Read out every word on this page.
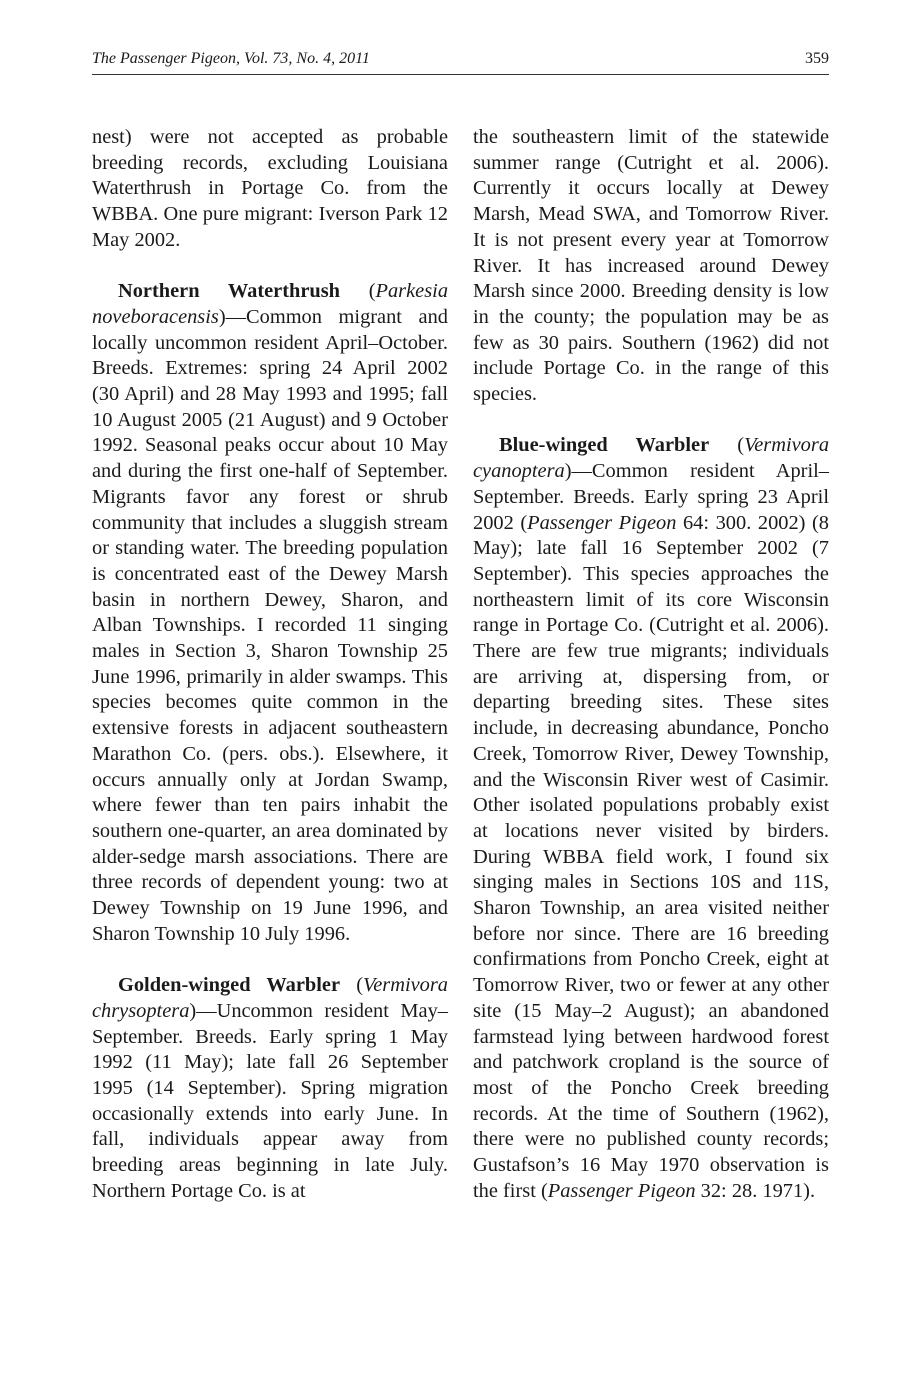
The Passenger Pigeon, Vol. 73, No. 4, 2011	359

nest) were not accepted as probable breeding records, excluding Louisiana Waterthrush in Portage Co. from the WBBA. One pure migrant: Iverson Park 12 May 2002.

Northern Waterthrush (Parkesia noveboracensis)—Common migrant and locally uncommon resident April–October. Breeds. Extremes: spring 24 April 2002 (30 April) and 28 May 1993 and 1995; fall 10 August 2005 (21 August) and 9 October 1992. Seasonal peaks occur about 10 May and during the first one-half of September. Migrants favor any forest or shrub community that includes a sluggish stream or standing water. The breeding population is concentrated east of the Dewey Marsh basin in northern Dewey, Sharon, and Alban Townships. I recorded 11 singing males in Section 3, Sharon Township 25 June 1996, primarily in alder swamps. This species becomes quite common in the extensive forests in adjacent southeastern Marathon Co. (pers. obs.). Elsewhere, it occurs annually only at Jordan Swamp, where fewer than ten pairs inhabit the southern one-quarter, an area dominated by alder-sedge marsh associations. There are three records of dependent young: two at Dewey Township on 19 June 1996, and Sharon Township 10 July 1996.

Golden-winged Warbler (Vermivora chrysoptera)—Uncommon resident May–September. Breeds. Early spring 1 May 1992 (11 May); late fall 26 September 1995 (14 September). Spring migration occasionally extends into early June. In fall, individuals appear away from breeding areas beginning in late July. Northern Portage Co. is at

the southeastern limit of the statewide summer range (Cutright et al. 2006). Currently it occurs locally at Dewey Marsh, Mead SWA, and Tomorrow River. It is not present every year at Tomorrow River. It has increased around Dewey Marsh since 2000. Breeding density is low in the county; the population may be as few as 30 pairs. Southern (1962) did not include Portage Co. in the range of this species.

Blue-winged Warbler (Vermivora cyanoptera)—Common resident April–September. Breeds. Early spring 23 April 2002 (Passenger Pigeon 64: 300. 2002) (8 May); late fall 16 September 2002 (7 September). This species approaches the northeastern limit of its core Wisconsin range in Portage Co. (Cutright et al. 2006). There are few true migrants; individuals are arriving at, dispersing from, or departing breeding sites. These sites include, in decreasing abundance, Poncho Creek, Tomorrow River, Dewey Township, and the Wisconsin River west of Casimir. Other isolated populations probably exist at locations never visited by birders. During WBBA field work, I found six singing males in Sections 10S and 11S, Sharon Township, an area visited neither before nor since. There are 16 breeding confirmations from Poncho Creek, eight at Tomorrow River, two or fewer at any other site (15 May–2 August); an abandoned farmstead lying between hardwood forest and patchwork cropland is the source of most of the Poncho Creek breeding records. At the time of Southern (1962), there were no published county records; Gustafson’s 16 May 1970 observation is the first (Passenger Pigeon 32: 28. 1971).
